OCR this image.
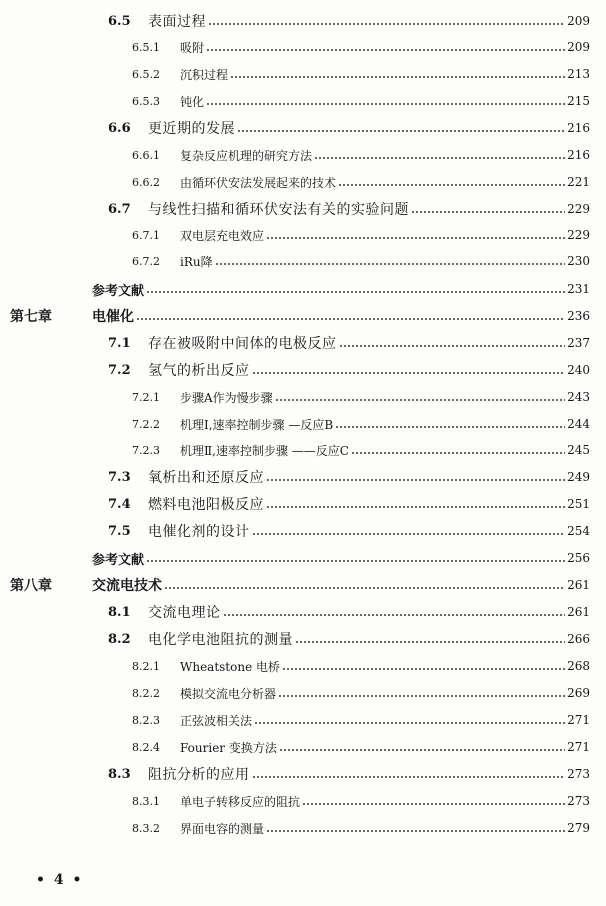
6.5 表面过程	209
6.5.1 吸附	209
6.5.2 沉积过程	213
6.5.3 钝化	215
6.6 更近期的发展	216
6.6.1 复杂反应机理的研究方法	216
6.6.2 由循环伏安法发展起来的技术	221
6.7 与线性扫描和循环伏安法有关的实验问题	229
6.7.1 双电层充电效应	229
6.7.2 iRu降	230
参考文献	231
第七章	电催化	236
7.1 存在被吸附中间体的电极反应	237
7.2 氢气的析出反应	240
7.2.1 步骤A作为慢步骤	243
7.2.2 机理Ⅰ,速率控制步骤 —反应B	244
7.2.3 机理Ⅱ,速率控制步骤 ——反应C	245
7.3 氧析出和还原反应	249
7.4 燃料电池阳极反应	251
7.5 电催化剂的设计	254
参考文献	256
第八章	交流电技术	261
8.1 交流电理论	261
8.2 电化学电池阻抗的测量	266
8.2.1 Wheatstone 电桥	268
8.2.2 模拟交流电分析器	269
8.2.3 正弦波相关法	271
8.2.4 Fourier 变换方法	271
8.3 阻抗分析的应用	273
8.3.1 单电子转移反应的阻抗	273
8.3.2 界面电容的测量	279
• 4 •
